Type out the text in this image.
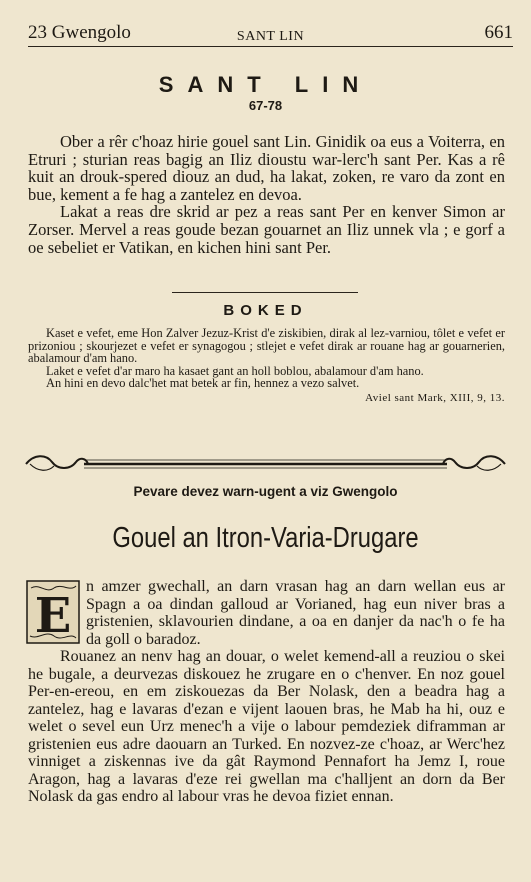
23 Gwengolo	SANT LIN	661
SANT LIN
67-78

Ober a rêr c'hoaz hirie gouel sant Lin. Ginidik oa eus a Voiterra, en Etruri ; sturian reas bagig an Iliz dioustu war-lerc'h sant Per. Kas a rê kuit an drouk-spered diouz an dud, ha lakat, zoken, re varo da zont en bue, kement a fe hag a zantelez en devoa.

Lakat a reas dre skrid ar pez a reas sant Per en kenver Simon ar Zorser. Mervel a reas goude bezan gouarnet an Iliz unnek vla ; e gorf a oe sebeliet er Vatikan, en kichen hini sant Per.

BOKED

Kaset e vefet, eme Hon Zalver Jezuz-Krist d'e ziskibien, dirak al lez-varniou, tôlet e vefet er prizoniou ; skourjezet e vefet er synagogou ; stlejet e vefet dirak ar rouane hag ar gouarnerien, abalamour d'am hano.

Laket e vefet d'ar maro ha kasaet gant an holl boblou, abalamour d'am hano.

An hini en devo dalc'het mat betek ar fin, hennez a vezo salvet.

Aviel sant Mark, XIII, 9, 13.
Pevare devez warn-ugent a viz Gwengolo
Gouel an Itron-Varia-Drugare

E
n amzer gwechall, an darn vrasan hag an darn wellan eus ar Spagn a oa dindan galloud ar Vorianed, hag eun niver bras a gristenien, sklavourien dindane, a oa en danjer da nac'h o fe ha da goll o baradoz.

Rouanez an nenv hag an douar, o welet kemend-all a reuziou o skei he bugale, a deurvezas diskouez he zrugare en o c'henver. En noz gouel Per-en-ereou, en em ziskouezas da Ber Nolask, den a beadra hag a zantelez, hag e lavaras d'ezan e vijent laouen bras, he Mab ha hi, ouz e welet o sevel eun Urz menec'h a vije o labour pemdeziek diframman ar gristenien eus adre daouarn an Turked. En nozvez-ze c'hoaz, ar Werc'hez vinniget a ziskennas ive da gât Raymond Pennafort ha Jemz I, roue Aragon, hag a lavaras d'eze rei gwellan ma c'halljent an dorn da Ber Nolask da gas endro al labour vras he devoa fiziet ennan.
